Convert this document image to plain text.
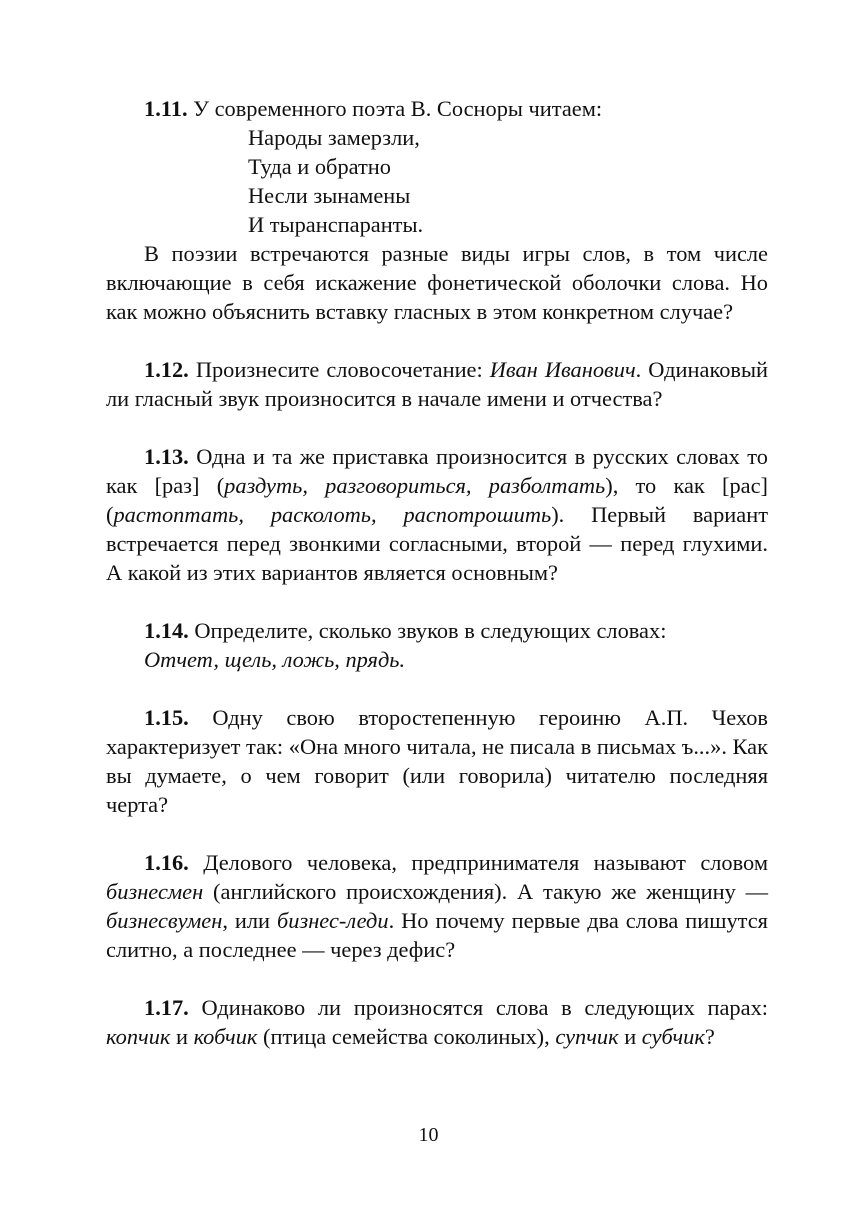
1.11. У современного поэта В. Сосноры читаем:

Народы замерзли,
Туда и обратно
Несли зынамены
И тыранспаранты.

В поэзии встречаются разные виды игры слов, в том числе включающие в себя искажение фонетической оболочки слова. Но как можно объяснить вставку гласных в этом конкретном случае?

1.12. Произнесите словосочетание: Иван Иванович. Одинаковый ли гласный звук произносится в начале имени и отчества?

1.13. Одна и та же приставка произносится в русских словах то как [раз] (раздуть, разговориться, разболтать), то как [рас] (растоптать, расколоть, распотрошить). Первый вариант встречается перед звонкими согласными, второй — перед глухими. А какой из этих вариантов является основным?

1.14. Определите, сколько звуков в следующих словах:

Отчет, щель, ложь, прядь.

1.15. Одну свою второстепенную героиню А.П. Чехов характеризует так: «Она много читала, не писала в письмах ъ...». Как вы думаете, о чем говорит (или говорила) читателю последняя черта?

1.16. Делового человека, предпринимателя называют словом бизнесмен (английского происхождения). А такую же женщину — бизнесвумен, или бизнес-леди. Но почему первые два слова пишутся слитно, а последнее — через дефис?

1.17. Одинаково ли произносятся слова в следующих парах: копчик и кобчик (птица семейства соколиных), супчик и субчик?

10
